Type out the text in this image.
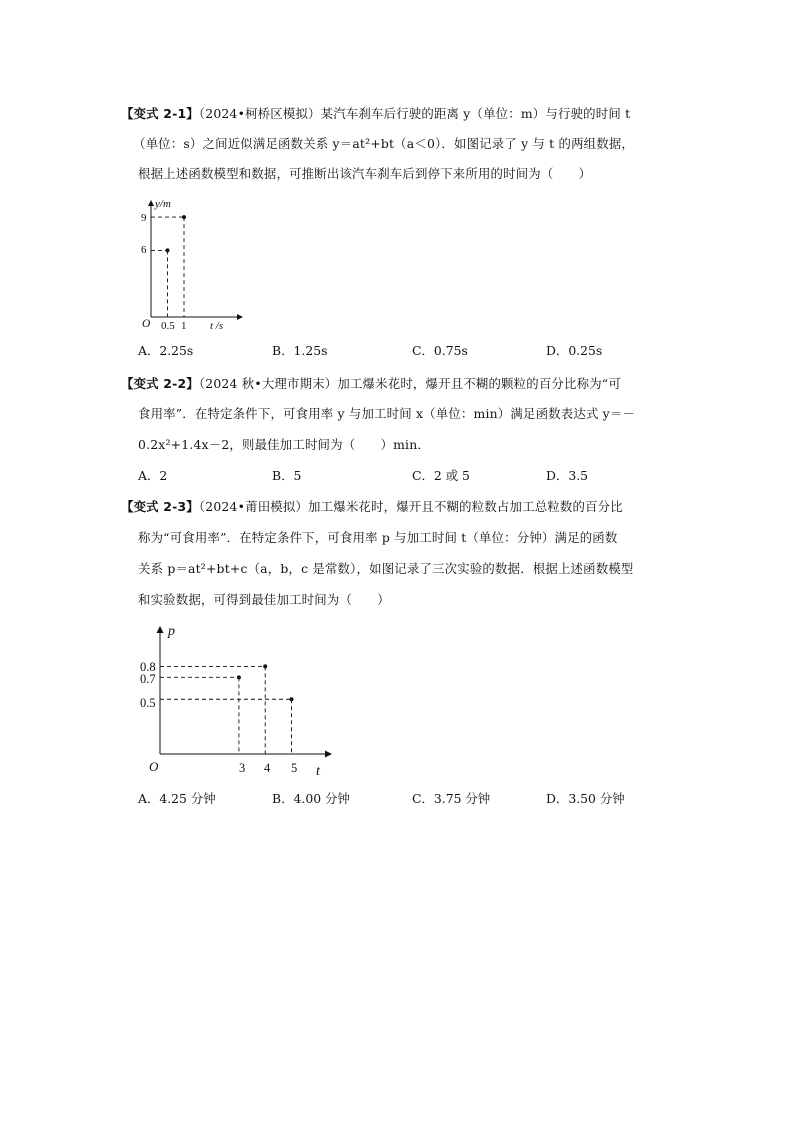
【变式 2-1】（2024•柯桥区模拟）某汽车刹车后行驶的距离 y（单位：m）与行驶的时间 t
（单位：s）之间近似满足函数关系 y＝at²+bt（a＜0）．如图记录了 y 与 t 的两组数据，
根据上述函数模型和数据，可推断出该汽车刹车后到停下来所用的时间为（　　）
y/m
t /s
O
9
6
0.5 1
A．2.25s	B．1.25s	C．0.75s	D．0.25s
【变式 2-2】（2024 秋•大理市期末）加工爆米花时，爆开且不糊的颗粒的百分比称为“可
食用率”．在特定条件下，可食用率 y 与加工时间 x（单位：min）满足函数表达式 y＝－
0.2x²+1.4x－2，则最佳加工时间为（　　）min．
A．2	B．5	C．2 或 5	D．3.5
【变式 2-3】（2024•莆田模拟）加工爆米花时，爆开且不糊的粒数占加工总粒数的百分比
称为“可食用率”．在特定条件下，可食用率 p 与加工时间 t（单位：分钟）满足的函数
关系 p＝at²+bt+c（a，b，c 是常数），如图记录了三次实验的数据．根据上述函数模型
和实验数据，可得到最佳加工时间为（　　）
p
t
O
0.8
0.7
0.5
3 4 5
A．4.25 分钟	B．4.00 分钟	C．3.75 分钟	D．3.50 分钟
